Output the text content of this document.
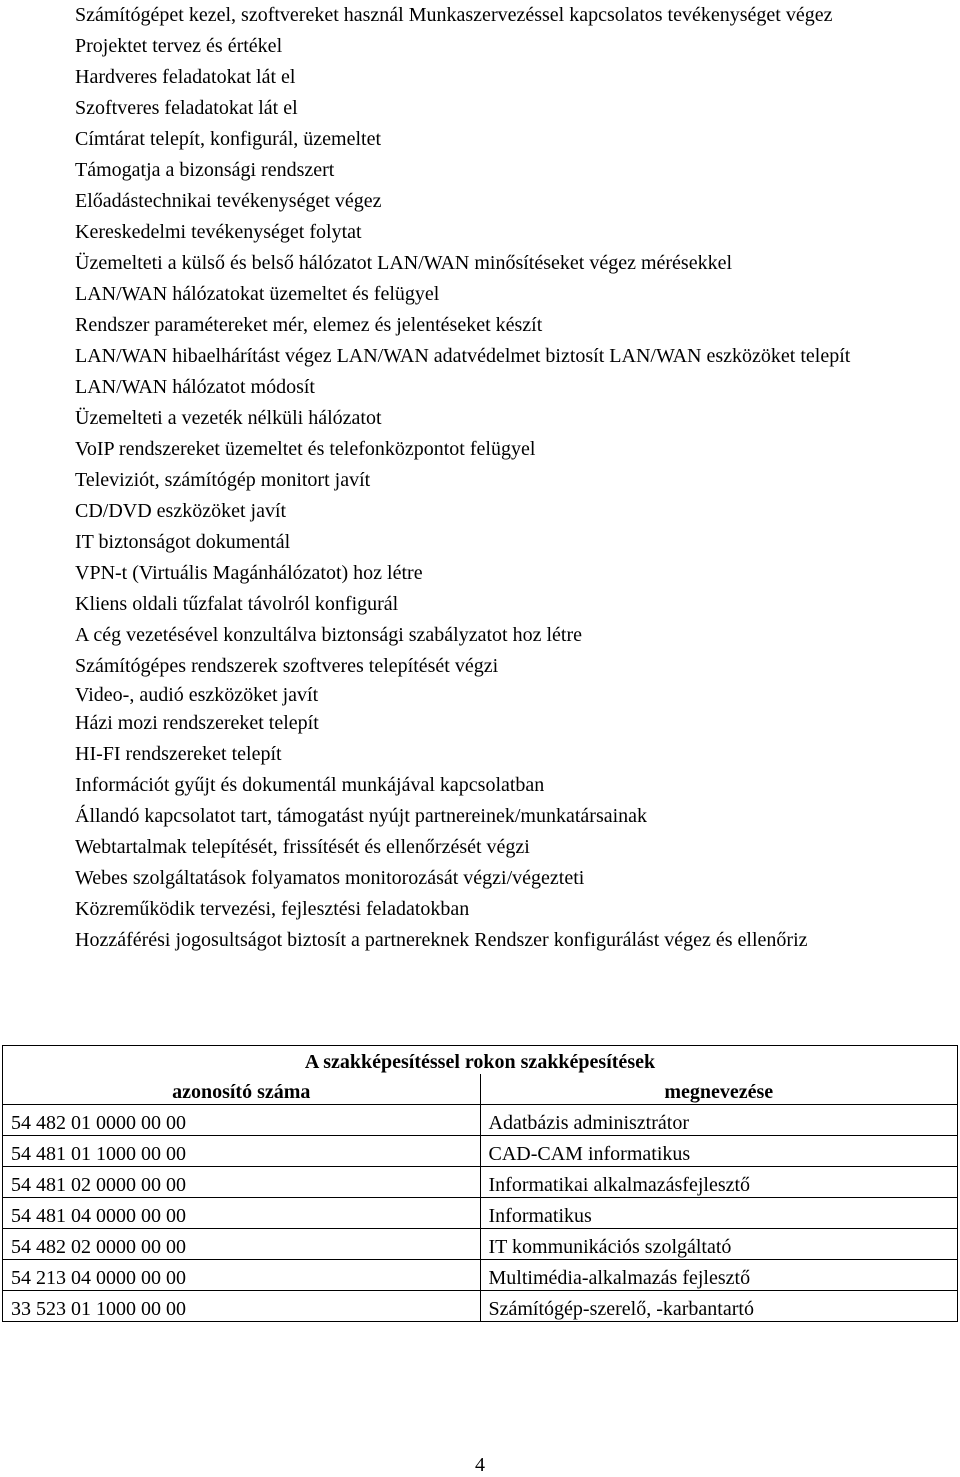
Számítógépet kezel, szoftvereket használ Munkaszervezéssel kapcsolatos tevékenységet végez
Projektet tervez és értékel
Hardveres feladatokat lát el
Szoftveres feladatokat lát el
Címtárat telepít, konfigurál, üzemeltet
Támogatja a bizonsági rendszert
Előadástechnikai tevékenységet végez
Kereskedelmi tevékenységet folytat
Üzemelteti a külső és belső hálózatot LAN/WAN minősítéseket végez mérésekkel
LAN/WAN hálózatokat üzemeltet és felügyel
Rendszer paramétereket mér, elemez és jelentéseket készít
LAN/WAN hibaelhárítást végez LAN/WAN adatvédelmet biztosít LAN/WAN eszközöket telepít
LAN/WAN hálózatot módosít
Üzemelteti a vezeték nélküli hálózatot
VoIP rendszereket üzemeltet és telefonközpontot felügyel
Televiziót, számítógép monitort javít
CD/DVD eszközöket javít
IT biztonságot dokumentál
VPN-t (Virtuális Magánhálózatot) hoz létre
Kliens oldali tűzfalat távolról konfigurál
A cég vezetésével konzultálva biztonsági szabályzatot hoz létre
Számítógépes rendszerek szoftveres telepítését végzi
Video-, audió eszközöket javít
Házi mozi rendszereket telepít
HI-FI rendszereket telepít
Információt gyűjt és dokumentál munkájával kapcsolatban
Állandó kapcsolatot tart, támogatást nyújt partnereinek/munkatársainak
Webtartalmak telepítését, frissítését és ellenőrzését végzi
Webes szolgáltatások folyamatos monitorozását végzi/végezteti
Közreműködik tervezési, fejlesztési feladatokban
Hozzáférési jogosultságot biztosít a partnereknek Rendszer konfigurálást végez és ellenőriz
A szakképesítéssel rokon szakképesítések	
azonosító száma	megnevezése
54 482 01 0000 00 00	Adatbázis adminisztrátor
54 481 01 1000 00 00	CAD-CAM informatikus
54 481 02 0000 00 00	Informatikai alkalmazásfejlesztő
54 481 04 0000 00 00	Informatikus
54 482 02 0000 00 00	IT kommunikációs szolgáltató
54 213 04 0000 00 00	Multimédia-alkalmazás fejlesztő
33 523 01 1000 00 00	Számítógép-szerelő, -karbantartó
4
